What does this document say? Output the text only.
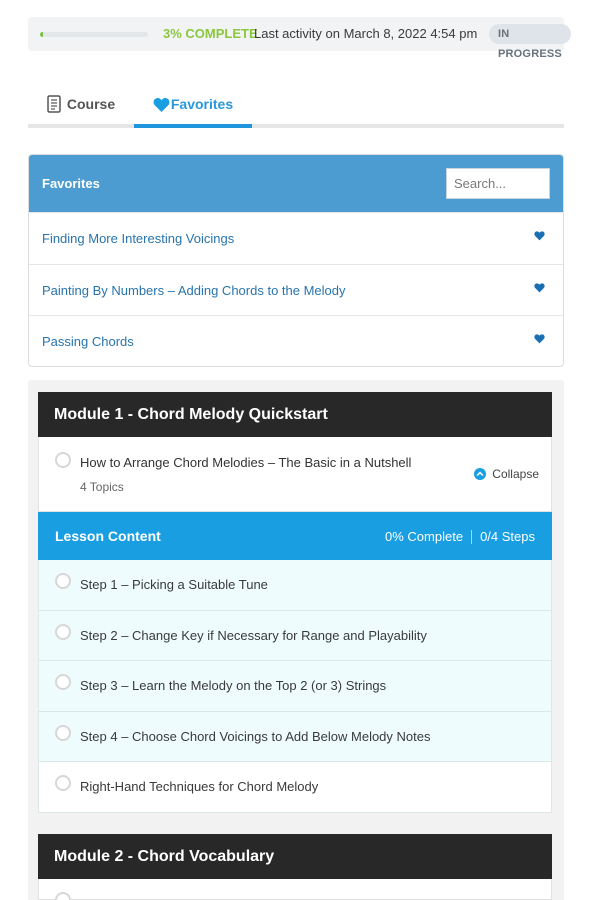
3% COMPLETE
Last activity on March 8, 2022 4:54 pm	IN PROGRESS
Course	Favorites
Favorites
Search...
Finding More Interesting Voicings
Painting By Numbers – Adding Chords to the Melody
Passing Chords
Module 1 - Chord Melody Quickstart
How to Arrange Chord Melodies – The Basic in a Nutshell
4 Topics
Collapse
Lesson Content	0% Complete 0/4 Steps
Step 1 – Picking a Suitable Tune
Step 2 – Change Key if Necessary for Range and Playability
Step 3 – Learn the Melody on the Top 2 (or 3) Strings
Step 4 – Choose Chord Voicings to Add Below Melody Notes
Right-Hand Techniques for Chord Melody
Module 2 - Chord Vocabulary
